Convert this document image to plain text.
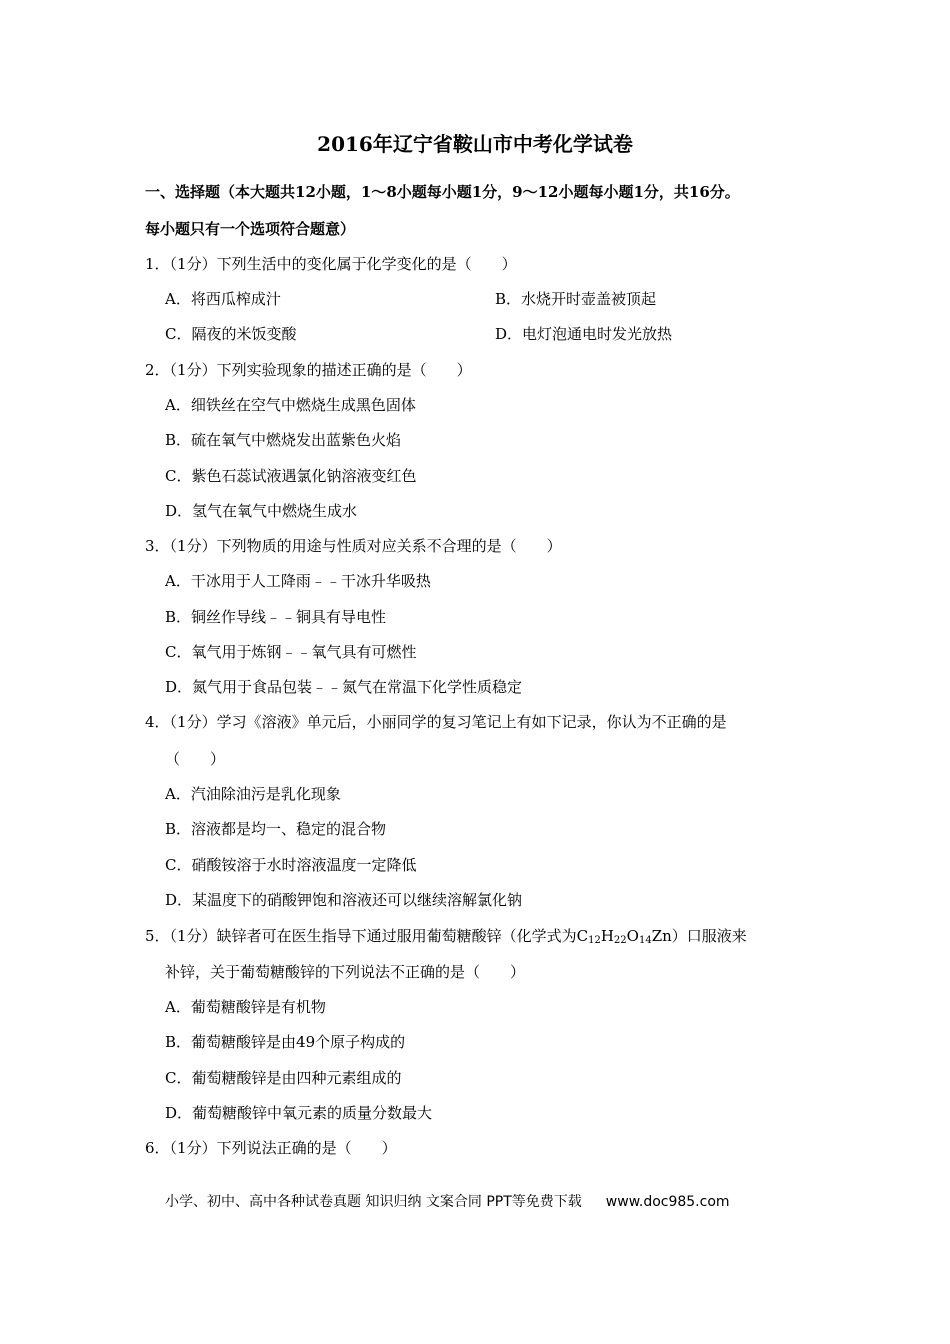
2016年辽宁省鞍山市中考化学试卷
一、选择题（本大题共12小题，1～8小题每小题1分，9～12小题每小题1分，共16分。
每小题只有一个选项符合题意）
1．（1分）下列生活中的变化属于化学变化的是（　　）
A．将西瓜榨成汁	B．水烧开时壶盖被顶起
C．隔夜的米饭变酸	D．电灯泡通电时发光放热
2．（1分）下列实验现象的描述正确的是（　　）
A．细铁丝在空气中燃烧生成黑色固体
B．硫在氧气中燃烧发出蓝紫色火焰
C．紫色石蕊试液遇氯化钠溶液变红色
D．氢气在氧气中燃烧生成水
3．（1分）下列物质的用途与性质对应关系不合理的是（　　）
A．干冰用于人工降雨﹣﹣干冰升华吸热
B．铜丝作导线﹣﹣铜具有导电性
C．氧气用于炼钢﹣﹣氧气具有可燃性
D．氮气用于食品包装﹣﹣氮气在常温下化学性质稳定
4．（1分）学习《溶液》单元后，小丽同学的复习笔记上有如下记录，你认为不正确的是
（　　）
A．汽油除油污是乳化现象
B．溶液都是均一、稳定的混合物
C．硝酸铵溶于水时溶液温度一定降低
D．某温度下的硝酸钾饱和溶液还可以继续溶解氯化钠
5．（1分）缺锌者可在医生指导下通过服用葡萄糖酸锌（化学式为$C_{12}H_{22}O_{14}Zn$）口服液来
补锌，关于葡萄糖酸锌的下列说法不正确的是（　　）
A．葡萄糖酸锌是有机物
B．葡萄糖酸锌是由49个原子构成的
C．葡萄糖酸锌是由四种元素组成的
D．葡萄糖酸锌中氧元素的质量分数最大
6．（1分）下列说法正确的是（　　）
小学、初中、高中各种试卷真题 知识归纳 文案合同 PPT等免费下载 www.doc985.com
